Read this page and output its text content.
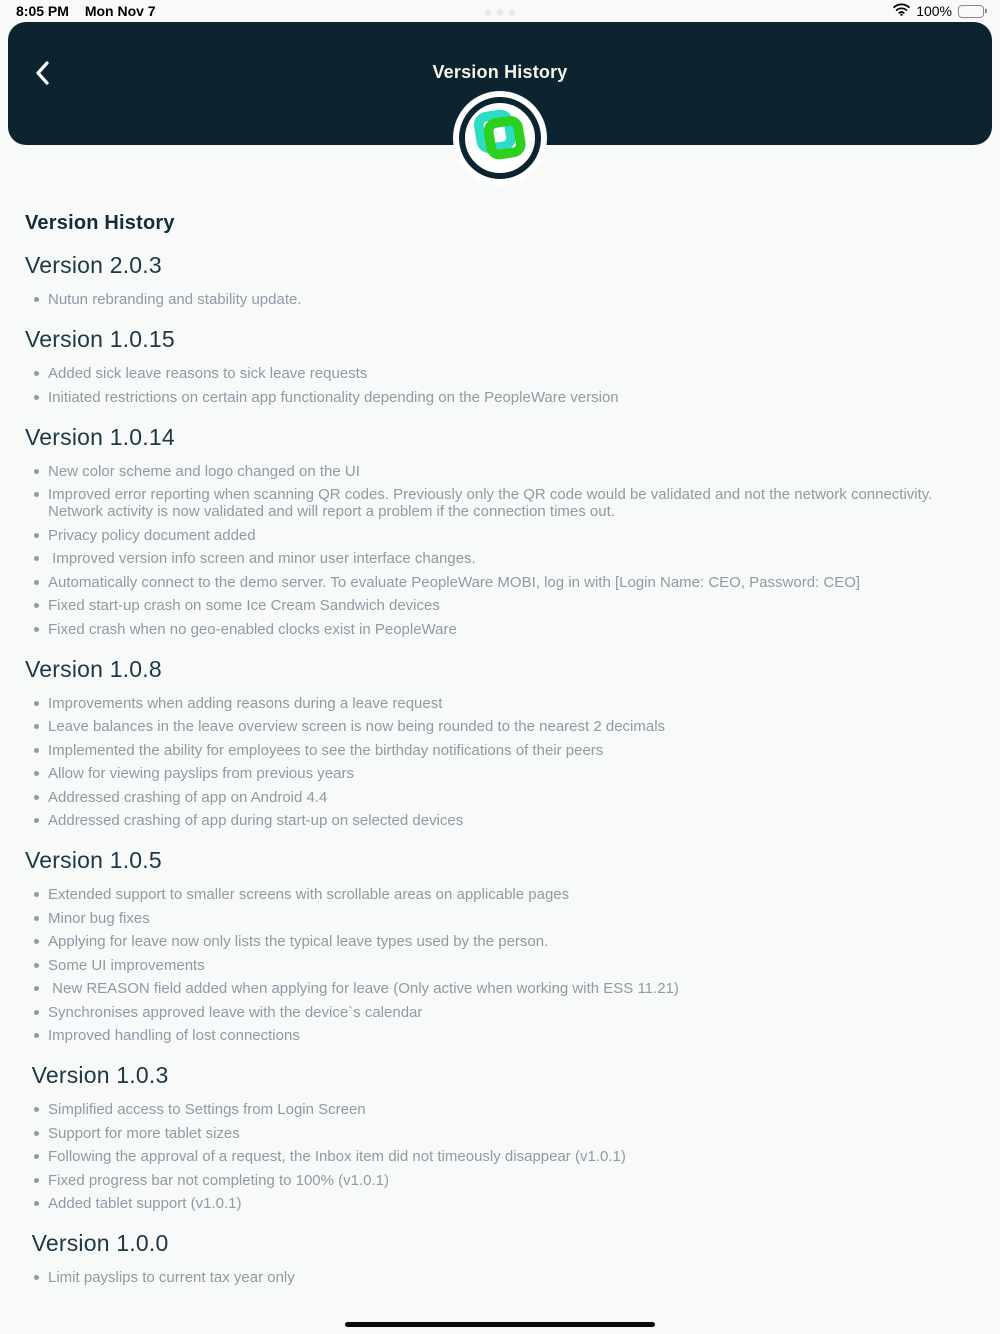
8:05 PM Mon Nov 7	100%
Version History
Version History
Version 2.0.3
Nutun rebranding and stability update.
Version 1.0.15
Added sick leave reasons to sick leave requests
Initiated restrictions on certain app functionality depending on the PeopleWare version
Version 1.0.14
New color scheme and logo changed on the UI
Improved error reporting when scanning QR codes. Previously only the QR code would be validated and not the network connectivity. Network activity is now validated and will report a problem if the connection times out.
Privacy policy document added
Improved version info screen and minor user interface changes.
Automatically connect to the demo server. To evaluate PeopleWare MOBI, log in with [Login Name: CEO, Password: CEO]
Fixed start-up crash on some Ice Cream Sandwich devices
Fixed crash when no geo-enabled clocks exist in PeopleWare
Version 1.0.8
Improvements when adding reasons during a leave request
Leave balances in the leave overview screen is now being rounded to the nearest 2 decimals
Implemented the ability for employees to see the birthday notifications of their peers
Allow for viewing payslips from previous years
Addressed crashing of app on Android 4.4
Addressed crashing of app during start-up on selected devices
Version 1.0.5
Extended support to smaller screens with scrollable areas on applicable pages
Minor bug fixes
Applying for leave now only lists the typical leave types used by the person.
Some UI improvements
New REASON field added when applying for leave (Only active when working with ESS 11.21)
Synchronises approved leave with the device`s calendar
Improved handling of lost connections
Version 1.0.3
Simplified access to Settings from Login Screen
Support for more tablet sizes
Following the approval of a request, the Inbox item did not timeously disappear (v1.0.1)
Fixed progress bar not completing to 100% (v1.0.1)
Added tablet support (v1.0.1)
Version 1.0.0
Limit payslips to current tax year only
